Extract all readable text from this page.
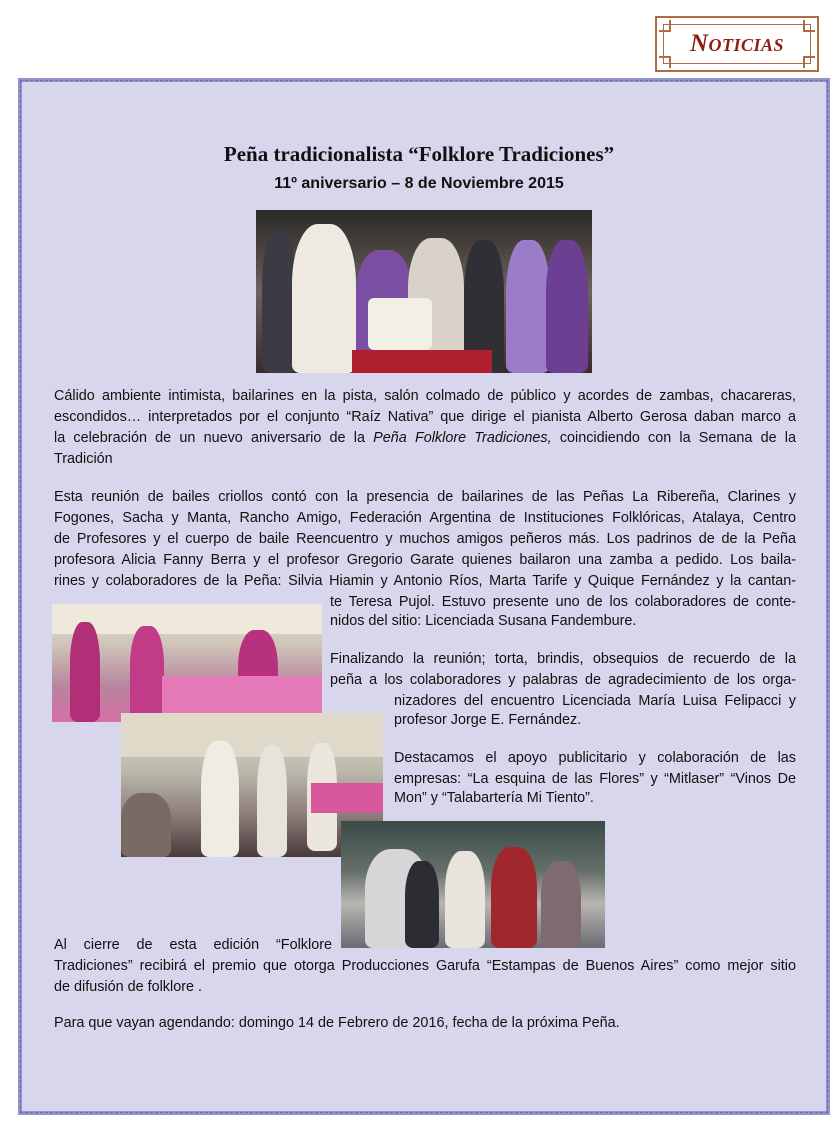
Noticias
Peña tradicionalista “Folklore Tradiciones”
11º aniversario – 8 de Noviembre 2015
Cálido ambiente intimista, bailarines en la pista, salón colmado de público y acordes de zambas, chacareras,
escondidos… interpretados por el conjunto “Raíz Nativa” que dirige el pianista Alberto Gerosa daban marco a
la celebración de un nuevo aniversario de la Peña Folklore Tradiciones, coincidiendo con la Semana de la
Tradición
Esta reunión de bailes criollos contó con la presencia de bailarines de las Peñas La Ribereña, Clarines y
Fogones, Sacha y Manta, Rancho Amigo, Federación Argentina de Instituciones Folklóricas, Atalaya, Centro
de Profesores y el cuerpo de baile Reencuentro y muchos amigos peñeros más. Los padrinos de de la Peña
profesora Alicia Fanny Berra y el profesor Gregorio Garate quienes bailaron una zamba a pedido. Los baila-
rines y colaboradores de la Peña: Silvia Hiamin y Antonio Ríos, Marta Tarife y Quique Fernández y la cantan-
te Teresa Pujol. Estuvo presente uno de los colaboradores de conte-
nidos del sitio: Licenciada Susana Fandembure.
Finalizando la reunión; torta, brindis, obsequios de recuerdo de la
peña a los colaboradores y palabras de agradecimiento de los orga-
nizadores del encuentro Licenciada María Luisa Felipacci y
profesor Jorge E. Fernández.
Destacamos el apoyo publicitario y colaboración de las
empresas: “La esquina de las Flores” y “Mitlaser” “Vinos De
Mon” y “Talabartería Mi Tiento”.
Al cierre de esta edición “Folklore
Tradiciones” recibirá el premio que otorga Producciones Garufa “Estampas de Buenos Aires” como mejor sitio
de difusión de folklore .
Para que vayan agendando: domingo 14 de Febrero de 2016, fecha de la próxima Peña.
